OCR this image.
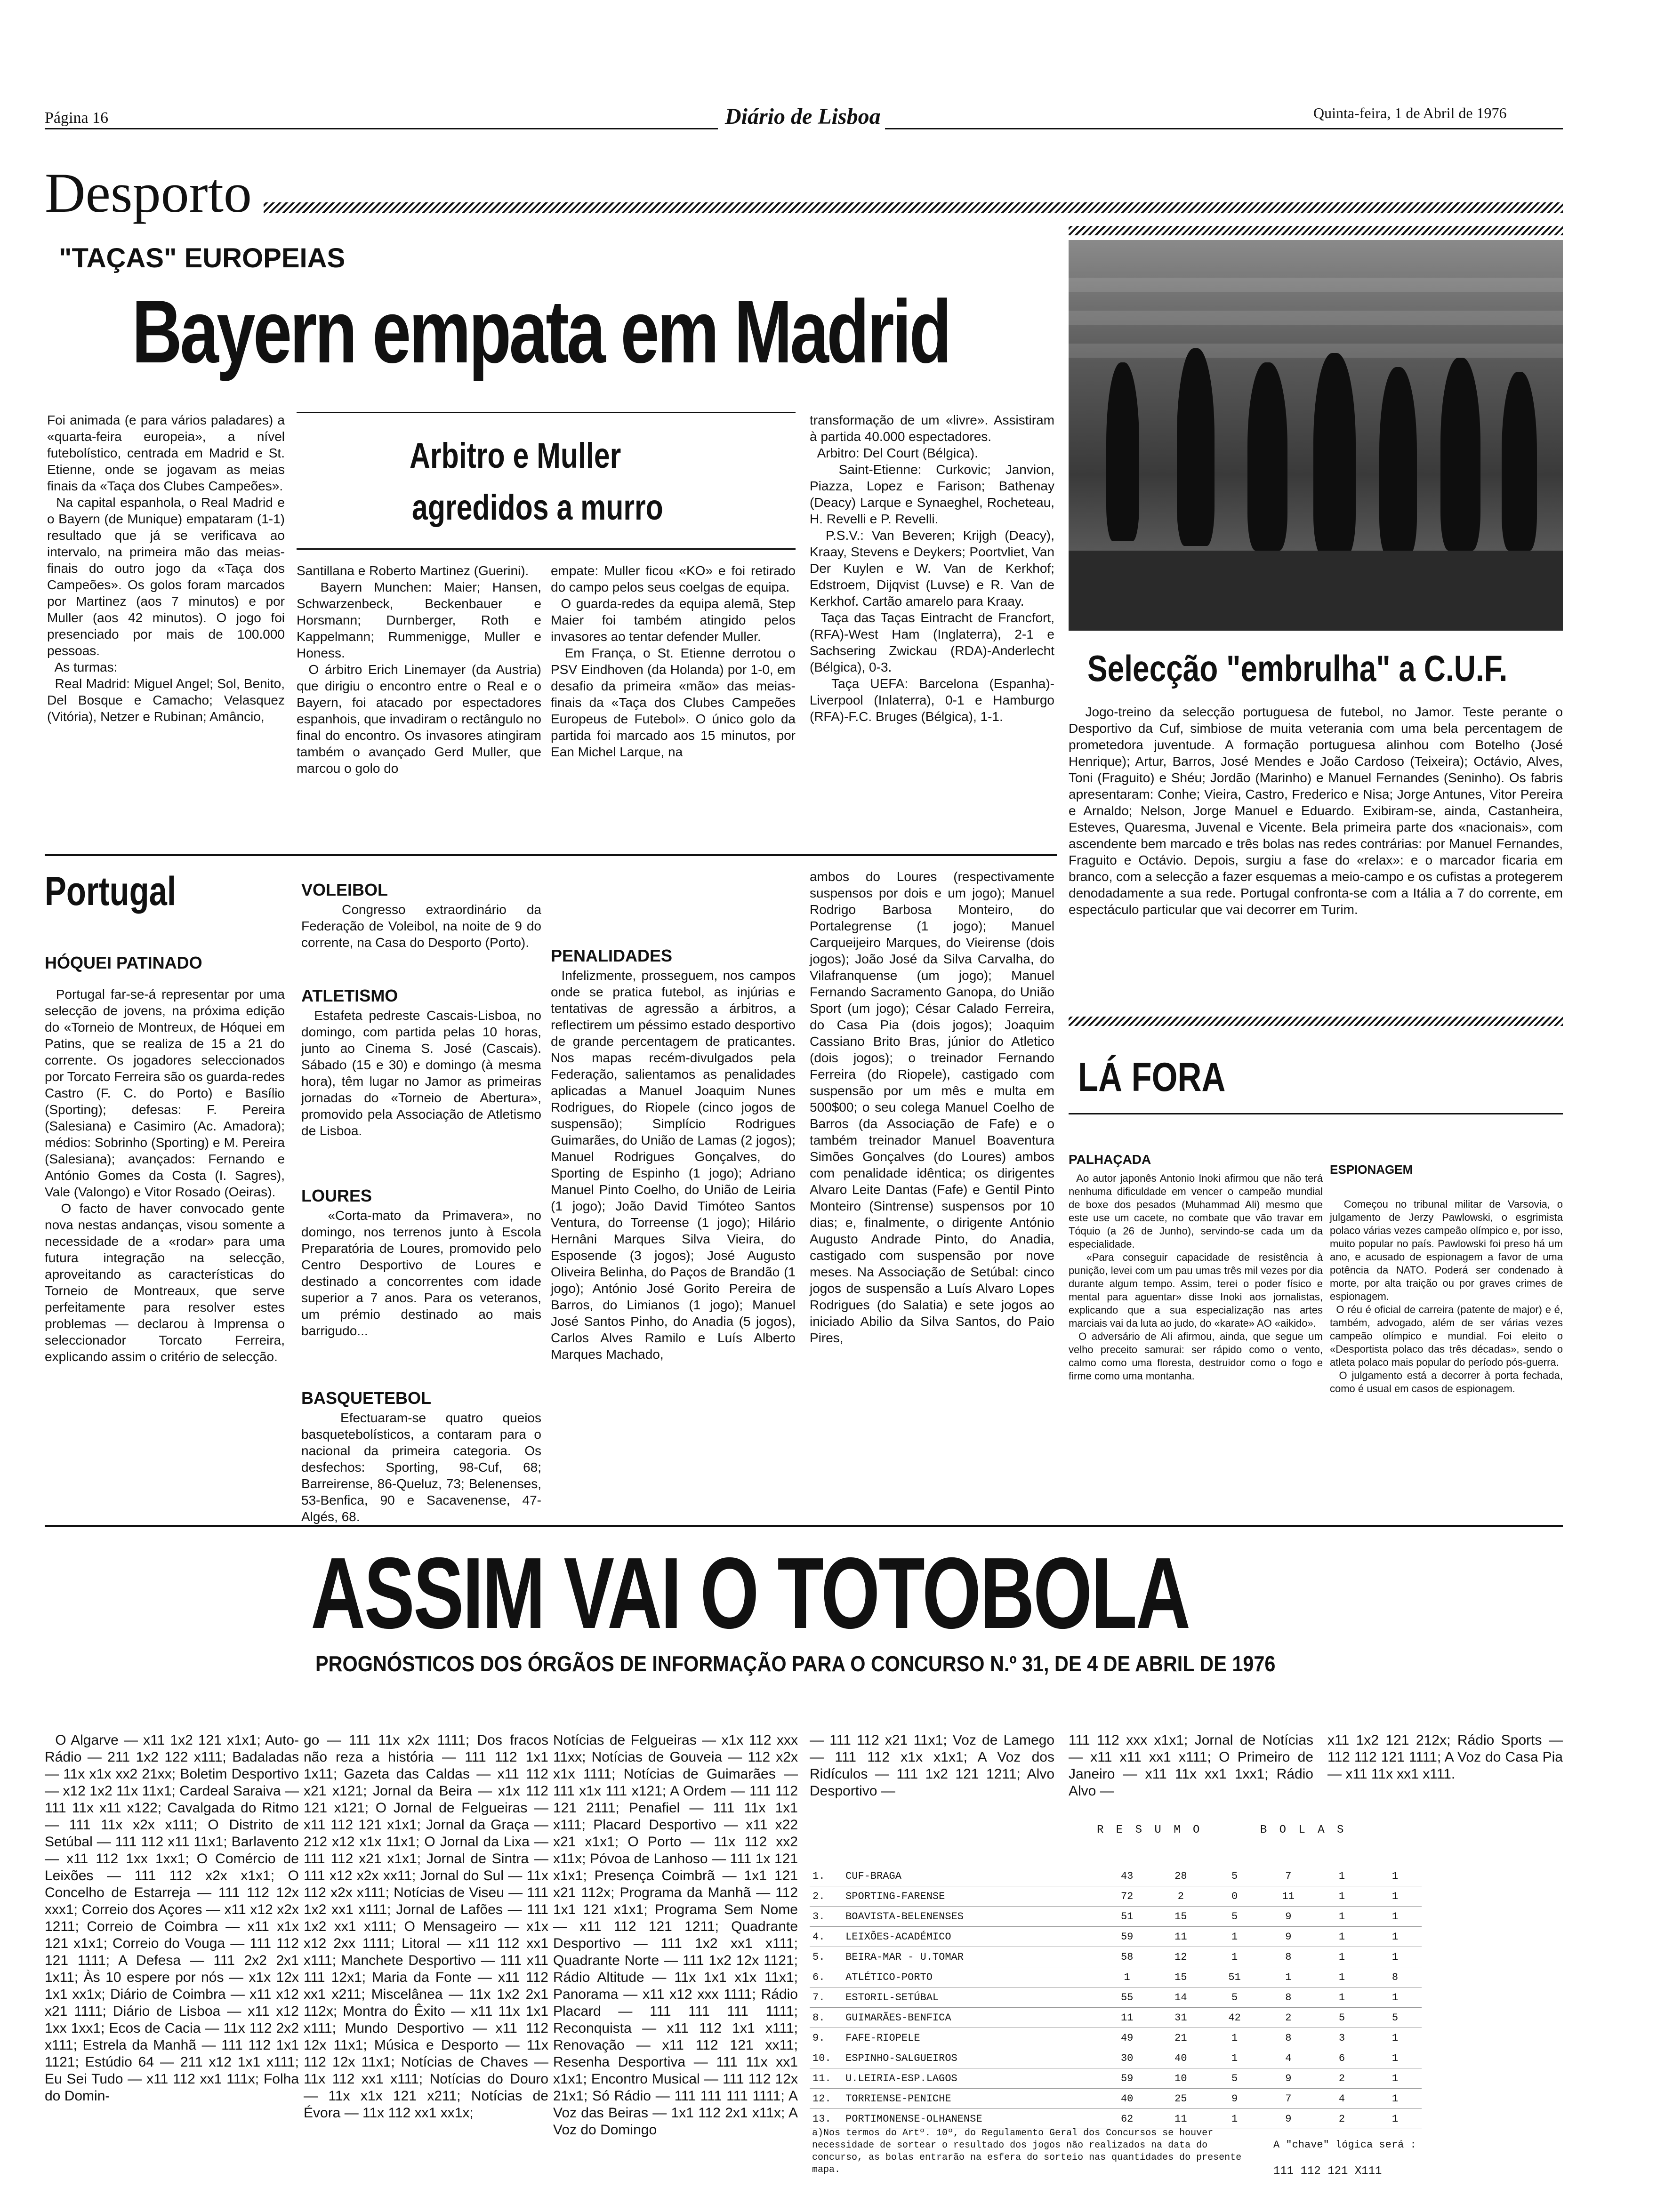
Página 16	Diário de Lisboa	Quinta-feira, 1 de Abril de 1976
Desporto
"TAÇAS" EUROPEIAS
Bayern empata em Madrid
Foi animada (e para vários paladares) a «quarta-feira europeia», a nível futebolístico, centrada em Madrid e St. Etienne, onde se jogavam as meias finais da «Taça dos Clubes Campeões».
Na capital espanhola, o Real Madrid e o Bayern (de Munique) empataram (1-1) resultado que já se verificava ao intervalo, na primeira mão das meias-finais do outro jogo da «Taça dos Campeões». Os golos foram marcados por Martinez (aos 7 minutos) e por Muller (aos 42 minutos). O jogo foi presenciado por mais de 100.000 pessoas.
As turmas:
Real Madrid: Miguel Angel; Sol, Benito, Del Bosque e Camacho; Velasquez (Vitória), Netzer e Rubinan; Amâncio,
Arbitro e Muller
agredidos a murro
Santillana e Roberto Martinez (Guerini).
Bayern Munchen: Maier; Hansen, Schwarzenbeck, Beckenbauer e Horsmann; Durnberger, Roth e Kappelmann; Rummenigge, Muller e Honess.
O árbitro Erich Linemayer (da Austria) que dirigiu o encontro entre o Real e o Bayern, foi atacado por espectadores espanhois, que invadiram o rectângulo no final do encontro. Os invasores atingiram também o avançado Gerd Muller, que marcou o golo do
empate: Muller ficou «KO» e foi retirado do campo pelos seus coelgas de equipa.
O guarda-redes da equipa alemã, Step Maier foi também atingido pelos invasores ao tentar defender Muller.
Em França, o St. Etienne derrotou o PSV Eindhoven (da Holanda) por 1-0, em desafio da primeira «mão» das meias-finais da «Taça dos Clubes Campeões Europeus de Futebol». O único golo da partida foi marcado aos 15 minutos, por Ean Michel Larque, na
transformação de um «livre». Assistiram à partida 40.000 espectadores.
Arbitro: Del Court (Bélgica).
Saint-Etienne: Curkovic; Janvion, Piazza, Lopez e Farison; Bathenay (Deacy) Larque e Synaeghel, Rocheteau, H. Revelli e P. Revelli.
P.S.V.: Van Beveren; Krijgh (Deacy), Kraay, Stevens e Deykers; Poortvliet, Van Der Kuylen e W. Van de Kerkhof; Edstroem, Dijqvist (Luvse) e R. Van de Kerkhof. Cartão amarelo para Kraay.
Taça das Taças Eintracht de Francfort, (RFA)-West Ham (Inglaterra), 2-1 e Sachsering Zwickau (RDA)-Anderlecht (Bélgica), 0-3.
Taça UEFA: Barcelona (Espanha)-Liverpool (Inlaterra), 0-1 e Hamburgo (RFA)-F.C. Bruges (Bélgica), 1-1.
Selecção "embrulha" a C.U.F.
Jogo-treino da selecção portuguesa de futebol, no Jamor. Teste perante o Desportivo da Cuf, simbiose de muita veterania com uma bela percentagem de prometedora juventude. A formação portuguesa alinhou com Botelho (José Henrique); Artur, Barros, José Mendes e João Cardoso (Teixeira); Octávio, Alves, Toni (Fraguito) e Shéu; Jordão (Marinho) e Manuel Fernandes (Seninho). Os fabris apresentaram: Conhe; Vieira, Castro, Frederico e Nisa; Jorge Antunes, Vitor Pereira e Arnaldo; Nelson, Jorge Manuel e Eduardo. Exibiram-se, ainda, Castanheira, Esteves, Quaresma, Juvenal e Vicente. Bela primeira parte dos «nacionais», com ascendente bem marcado e três bolas nas redes contrárias: por Manuel Fernandes, Fraguito e Octávio. Depois, surgiu a fase do «relax»: e o marcador ficaria em branco, com a selecção a fazer esquemas a meio-campo e os cufistas a protegerem denodadamente a sua rede. Portugal confronta-se com a Itália a 7 do corrente, em espectáculo particular que vai decorrer em Turim.
Portugal
HÓQUEI PATINADO
Portugal far-se-á representar por uma selecção de jovens, na próxima edição do «Torneio de Montreux, de Hóquei em Patins, que se realiza de 15 a 21 do corrente. Os jogadores seleccionados por Torcato Ferreira são os guarda-redes Castro (F. C. do Porto) e Basílio (Sporting); defesas: F. Pereira (Salesiana) e Casimiro (Ac. Amadora); médios: Sobrinho (Sporting) e M. Pereira (Salesiana); avançados: Fernando e António Gomes da Costa (I. Sagres), Vale (Valongo) e Vitor Rosado (Oeiras).
O facto de haver convocado gente nova nestas andanças, visou somente a necessidade de a «rodar» para uma futura integração na selecção, aproveitando as características do Torneio de Montreaux, que serve perfeitamente para resolver estes problemas — declarou à Imprensa o seleccionador Torcato Ferreira, explicando assim o critério de selecção.
VOLEIBOL
Congresso extraordinário da Federação de Voleibol, na noite de 9 do corrente, na Casa do Desporto (Porto).
ATLETISMO
Estafeta pedreste Cascais-Lisboa, no domingo, com partida pelas 10 horas, junto ao Cinema S. José (Cascais). Sábado (15 e 30) e domingo (à mesma hora), têm lugar no Jamor as primeiras jornadas do «Torneio de Abertura», promovido pela Associação de Atletismo de Lisboa.
LOURES
«Corta-mato da Primavera», no domingo, nos terrenos junto à Escola Preparatória de Loures, promovido pelo Centro Desportivo de Loures e destinado a concorrentes com idade superior a 7 anos. Para os veteranos, um prémio destinado ao mais barrigudo...
BASQUETEBOL
Efectuaram-se quatro queios basquetebolísticos, a contaram para o nacional da primeira categoria. Os desfechos: Sporting, 98-Cuf, 68; Barreirense, 86-Queluz, 73; Belenenses, 53-Benfica, 90 e Sacavenense, 47-Algés, 68.
PENALIDADES
Infelizmente, prosseguem, nos campos onde se pratica futebol, as injúrias e tentativas de agressão a árbitros, a reflectirem um péssimo estado desportivo de grande percentagem de praticantes. Nos mapas recém-divulgados pela Federação, salientamos as penalidades aplicadas a Manuel Joaquim Nunes Rodrigues, do Riopele (cinco jogos de suspensão); Simplício Rodrigues Guimarães, do União de Lamas (2 jogos); Manuel Rodrigues Gonçalves, do Sporting de Espinho (1 jogo); Adriano Manuel Pinto Coelho, do União de Leiria (1 jogo); João David Timóteo Santos Ventura, do Torreense (1 jogo); Hilário Hernâni Marques Silva Vieira, do Esposende (3 jogos); José Augusto Oliveira Belinha, do Paços de Brandão (1 jogo); António José Gorito Pereira de Barros, do Limianos (1 jogo); Manuel José Santos Pinho, do Anadia (5 jogos), Carlos Alves Ramilo e Luís Alberto Marques Machado,
ambos do Loures (respectivamente suspensos por dois e um jogo); Manuel Rodrigo Barbosa Monteiro, do Portalegrense (1 jogo); Manuel Carqueijeiro Marques, do Vieirense (dois jogos); João José da Silva Carvalha, do Vilafranquense (um jogo); Manuel Fernando Sacramento Ganopa, do União Sport (um jogo); César Calado Ferreira, do Casa Pia (dois jogos); Joaquim Cassiano Brito Bras, júnior do Atletico (dois jogos); o treinador Fernando Ferreira (do Riopele), castigado com suspensão por um mês e multa em 500$00; o seu colega Manuel Coelho de Barros (da Associação de Fafe) e o também treinador Manuel Boaventura Simões Gonçalves (do Loures) ambos com penalidade idêntica; os dirigentes Alvaro Leite Dantas (Fafe) e Gentil Pinto Monteiro (Sintrense) suspensos por 10 dias; e, finalmente, o dirigente António Augusto Andrade Pinto, do Anadia, castigado com suspensão por nove meses. Na Associação de Setúbal: cinco jogos de suspensão a Luís Alvaro Lopes Rodrigues (do Salatia) e sete jogos ao iniciado Abilio da Silva Santos, do Paio Pires,
LÁ FORA
PALHAÇADA
Ao autor japonês Antonio Inoki afirmou que não terá nenhuma dificuldade em vencer o campeão mundial de boxe dos pesados (Muhammad Ali) mesmo que este use um cacete, no combate que vão travar em Tóquio (a 26 de Junho), servindo-se cada um da especialidade.
«Para conseguir capacidade de resistência à punição, levei com um pau umas três mil vezes por dia durante algum tempo. Assim, terei o poder físico e mental para aguentar» disse Inoki aos jornalistas, explicando que a sua especialização nas artes marciais vai da luta ao judo, do «karate» AO «aikido».
O adversário de Ali afirmou, ainda, que segue um velho preceito samurai: ser rápido como o vento, calmo como uma floresta, destruidor como o fogo e firme como uma montanha.
ESPIONAGEM
Começou no tribunal militar de Varsovia, o julgamento de Jerzy Pawlowski, o esgrimista polaco várias vezes campeão olímpico e, por isso, muito popular no país. Pawlowski foi preso há um ano, e acusado de espionagem a favor de uma potência da NATO. Poderá ser condenado à morte, por alta traição ou por graves crimes de espionagem.
O réu é oficial de carreira (patente de major) e é, também, advogado, além de ser várias vezes campeão olímpico e mundial. Foi eleito o «Desportista polaco das três décadas», sendo o atleta polaco mais popular do período pós-guerra.
O julgamento está a decorrer à porta fechada, como é usual em casos de espionagem.
ASSIM VAI O TOTOBOLA
PROGNÓSTICOS DOS ÓRGÃOS DE INFORMAÇÃO PARA O CONCURSO N.º 31, DE 4 DE ABRIL DE 1976
O Algarve — x11 1x2 121 x1x1; Auto-Rádio — 211 1x2 122 x111; Badaladas — 11x x1x xx2 21xx; Boletim Desportivo — x12 1x2 11x 11x1; Cardeal Saraiva — 111 11x x11 x122; Cavalgada do Ritmo — 111 11x x2x x111; O Distrito de Setúbal — 111 112 x11 11x1; Barlavento — x11 112 1xx 1xx1; O Comércio de Leixões — 111 112 x2x x1x1; O Concelho de Estarreja — 111 112 12x xxx1; Correio dos Açores — x11 x12 x2x 1211; Correio de Coimbra — x11 x1x 121 x1x1; Correio do Vouga — 111 112 121 1111; A Defesa — 111 2x2 2x1 1x11; Às 10 espere por nós — x1x 12x 1x1 xx1x; Diário de Coimbra — x11 x12 x21 1111; Diário de Lisboa — x11 x12 1xx 1xx1; Ecos de Cacia — 11x 112 2x2 x111; Estrela da Manhã — 111 112 1x1 1121; Estúdio 64 — 211 x12 1x1 x111; Eu Sei Tudo — x11 112 xx1 111x; Folha do Domin-
go — 111 11x x2x 1111; Dos fracos não reza a história — 111 112 1x1 1x11; Gazeta das Caldas — x11 112 x21 x121; Jornal da Beira — x1x 112 121 x121; O Jornal de Felgueiras — x11 112 121 x1x1; Jornal da Graça — 212 x12 x1x 11x1; O Jornal da Lixa — 111 112 x21 x1x1; Jornal de Sintra — 111 x12 x2x xx11; Jornal do Sul — 11x 112 x2x x111; Notícias de Viseu — 111 1x2 xx1 x111; Jornal de Lafões — 111 1x2 xx1 x111; O Mensageiro — x1x x12 2xx 1111; Litoral — x11 112 xx1 x111; Manchete Desportivo — 111 x11 111 12x1; Maria da Fonte — x11 112 xx1 x211; Miscelânea — 11x 1x2 2x1 112x; Montra do Êxito — x11 11x 1x1 x111; Mundo Desportivo — x11 112 12x 11x1; Música e Desporto — 11x 112 12x 11x1; Notícias de Chaves — 11x 112 xx1 x111; Notícias do Douro — 11x x1x 121 x211; Notícias de Évora — 11x 112 xx1 xx1x;
Notícias de Felgueiras — x1x 112 xxx 11xx; Notícias de Gouveia — 112 x2x x1x 1111; Notícias de Guimarães — 111 x1x 111 x121; A Ordem — 111 112 121 2111; Penafiel — 111 11x 1x1 x111; Placard Desportivo — x11 x22 x21 x1x1; O Porto — 11x 112 xx2 x11x; Póvoa de Lanhoso — 111 1x 121 x1x1; Presença Coimbrã — 1x1 121 x21 112x; Programa da Manhã — 112 1x1 121 x1x1; Programa Sem Nome — x11 112 121 1211; Quadrante Desportivo — 111 1x2 xx1 x111; Quadrante Norte — 111 1x2 12x 1121; Rádio Altitude — 11x 1x1 x1x 11x1; Panorama — x11 x12 xxx 1111; Rádio Placard — 111 111 111 1111; Reconquista — x11 112 1x1 x111; Renovação — x11 112 121 xx11; Resenha Desportiva — 111 11x xx1 x1x1; Encontro Musical — 111 112 12x 21x1; Só Rádio — 111 111 111 1111; A Voz das Beiras — 1x1 112 2x1 x11x; A Voz do Domingo
— 111 112 x21 11x1; Voz de Lamego — 111 112 x1x x1x1; A Voz dos Ridículos — 111 1x2 121 1211; Alvo Desportivo —
111 112 xxx x1x1; Jornal de Notícias — x11 x11 xx1 x111; O Primeiro de Janeiro — x11 11x xx1 1xx1; Rádio Alvo —
x11 1x2 121 212x; Rádio Sports — 112 112 121 1111; A Voz do Casa Pia — x11 11x xx1 x111.
R E S U M O      B O L A S
1.	CUF-BRAGA	43	28	5	7	1	1
2.	SPORTING-FARENSE	72	2	0	11	1	1
3.	BOAVISTA-BELENENSES	51	15	5	9	1	1
4.	LEIXÕES-ACADÉMICO	59	11	1	9	1	1
5.	BEIRA-MAR - U.TOMAR	58	12	1	8	1	1
6.	ATLÉTICO-PORTO	1	15	51	1	1	8
7.	ESTORIL-SETÚBAL	55	14	5	8	1	1
8.	GUIMARÃES-BENFICA	11	31	42	2	5	5
9.	FAFE-RIOPELE	49	21	1	8	3	1
10.	ESPINHO-SALGUEIROS	30	40	1	4	6	1
11.	U.LEIRIA-ESP.LAGOS	59	10	5	9	2	1
12.	TORRIENSE-PENICHE	40	25	9	7	4	1
13.	PORTIMONENSE-OLHANENSE	62	11	1	9	2	1
a)Nos termos do Artº. 10º, do Regulamento Geral dos Concursos se houver necessidade de sortear o resultado dos jogos não realizados na data do concurso, as bolas entrarão na esfera do sorteio nas quantidades do presente mapa.
A "chave" lógica será :
111 112 121 X111
